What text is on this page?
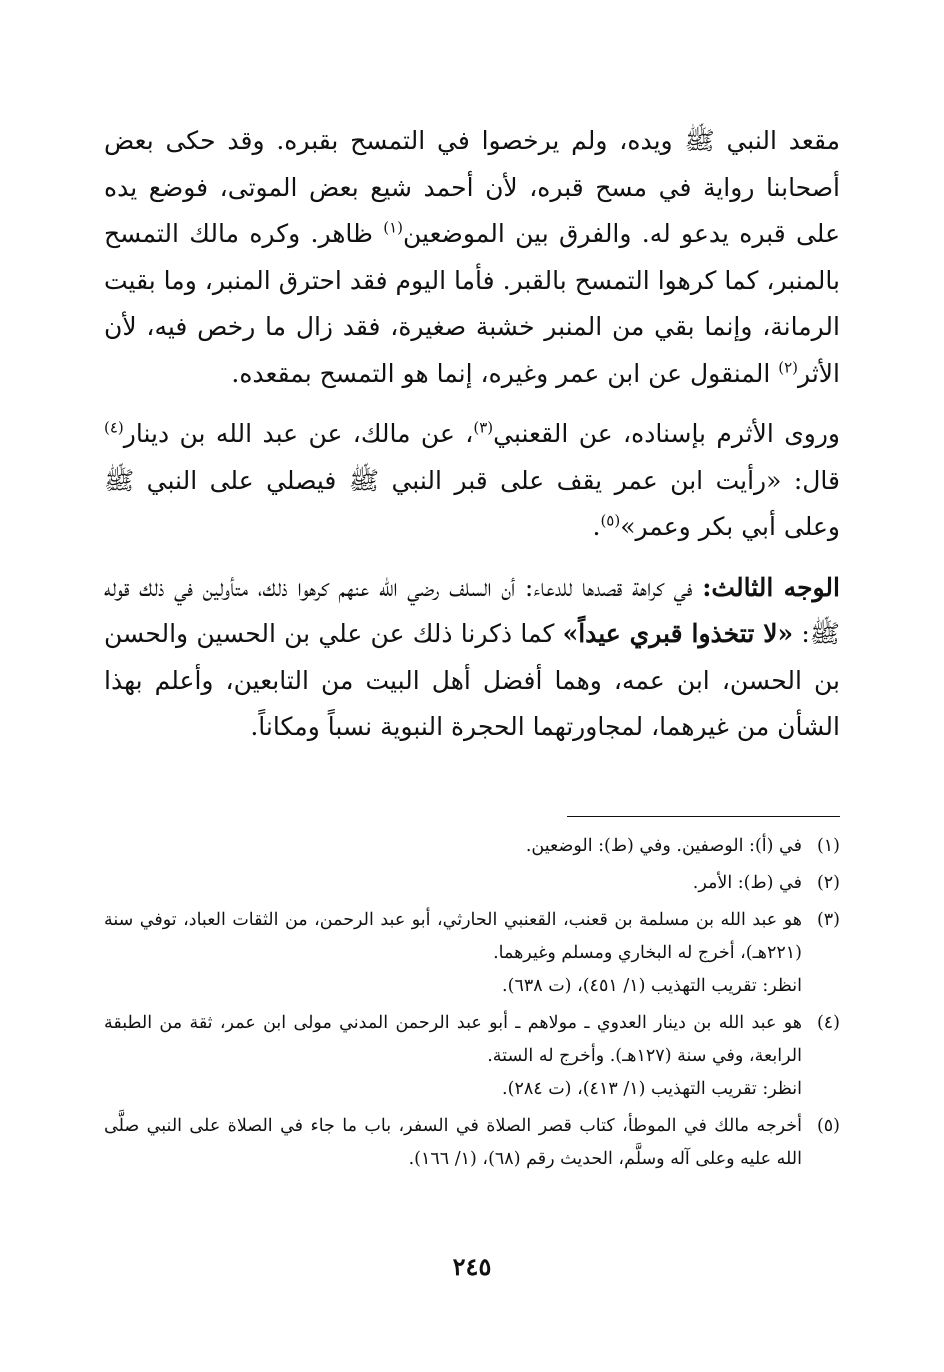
مقعد النبي ﷺ ويده، ولم يرخصوا في التمسح بقبره. وقد حكى بعض أصحابنا رواية في مسح قبره، لأن أحمد شيع بعض الموتى، فوضع يده على قبره يدعو له. والفرق بين الموضعين$^{(١)}$ ظاهر. وكره مالك التمسح بالمنبر، كما كرهوا التمسح بالقبر. فأما اليوم فقد احترق المنبر، وما بقيت الرمانة، وإنما بقي من المنبر خشبة صغيرة، فقد زال ما رخص فيه، لأن الأثر$^{(٢)}$ المنقول عن ابن عمر وغيره، إنما هو التمسح بمقعده.

وروى الأثرم بإسناده، عن القعنبي$^{(٣)}$، عن مالك، عن عبد الله بن دينار$^{(٤)}$ قال: «رأيت ابن عمر يقف على قبر النبي ﷺ فيصلي على النبي ﷺ وعلى أبي بكر وعمر»$^{(٥)}$.

الوجه الثالث: في كراهة قصدها للدعاء: أن السلف رضي الله عنهم كرهوا ذلك، متأولين في ذلك قوله ﷺ: «لا تتخذوا قبري عيداً» كما ذكرنا ذلك عن علي بن الحسين والحسن بن الحسن، ابن عمه، وهما أفضل أهل البيت من التابعين، وأعلم بهذا الشأن من غيرهما، لمجاورتهما الحجرة النبوية نسباً ومكاناً.

(١)

في (أ): الوصفين. وفي (ط): الوضعين.

(٢)

في (ط): الأمر.

(٣)

هو عبد الله بن مسلمة بن قعنب، القعنبي الحارثي، أبو عبد الرحمن، من الثقات العباد، توفي سنة (٢٢١هـ)، أخرج له البخاري ومسلم وغيرهما.

انظر: تقريب التهذيب (١/ ٤٥١)، (ت ٦٣٨).

(٤)

هو عبد الله بن دينار العدوي ـ مولاهم ـ أبو عبد الرحمن المدني مولى ابن عمر، ثقة من الطبقة الرابعة، وفي سنة (١٢٧هـ). وأخرج له الستة.

انظر: تقريب التهذيب (١/ ٤١٣)، (ت ٢٨٤).

(٥)

أخرجه مالك في الموطأ، كتاب قصر الصلاة في السفر، باب ما جاء في الصلاة على النبي صلَّى الله عليه وعلى آله وسلَّم، الحديث رقم (٦٨)، (١/ ١٦٦).

٢٤٥
